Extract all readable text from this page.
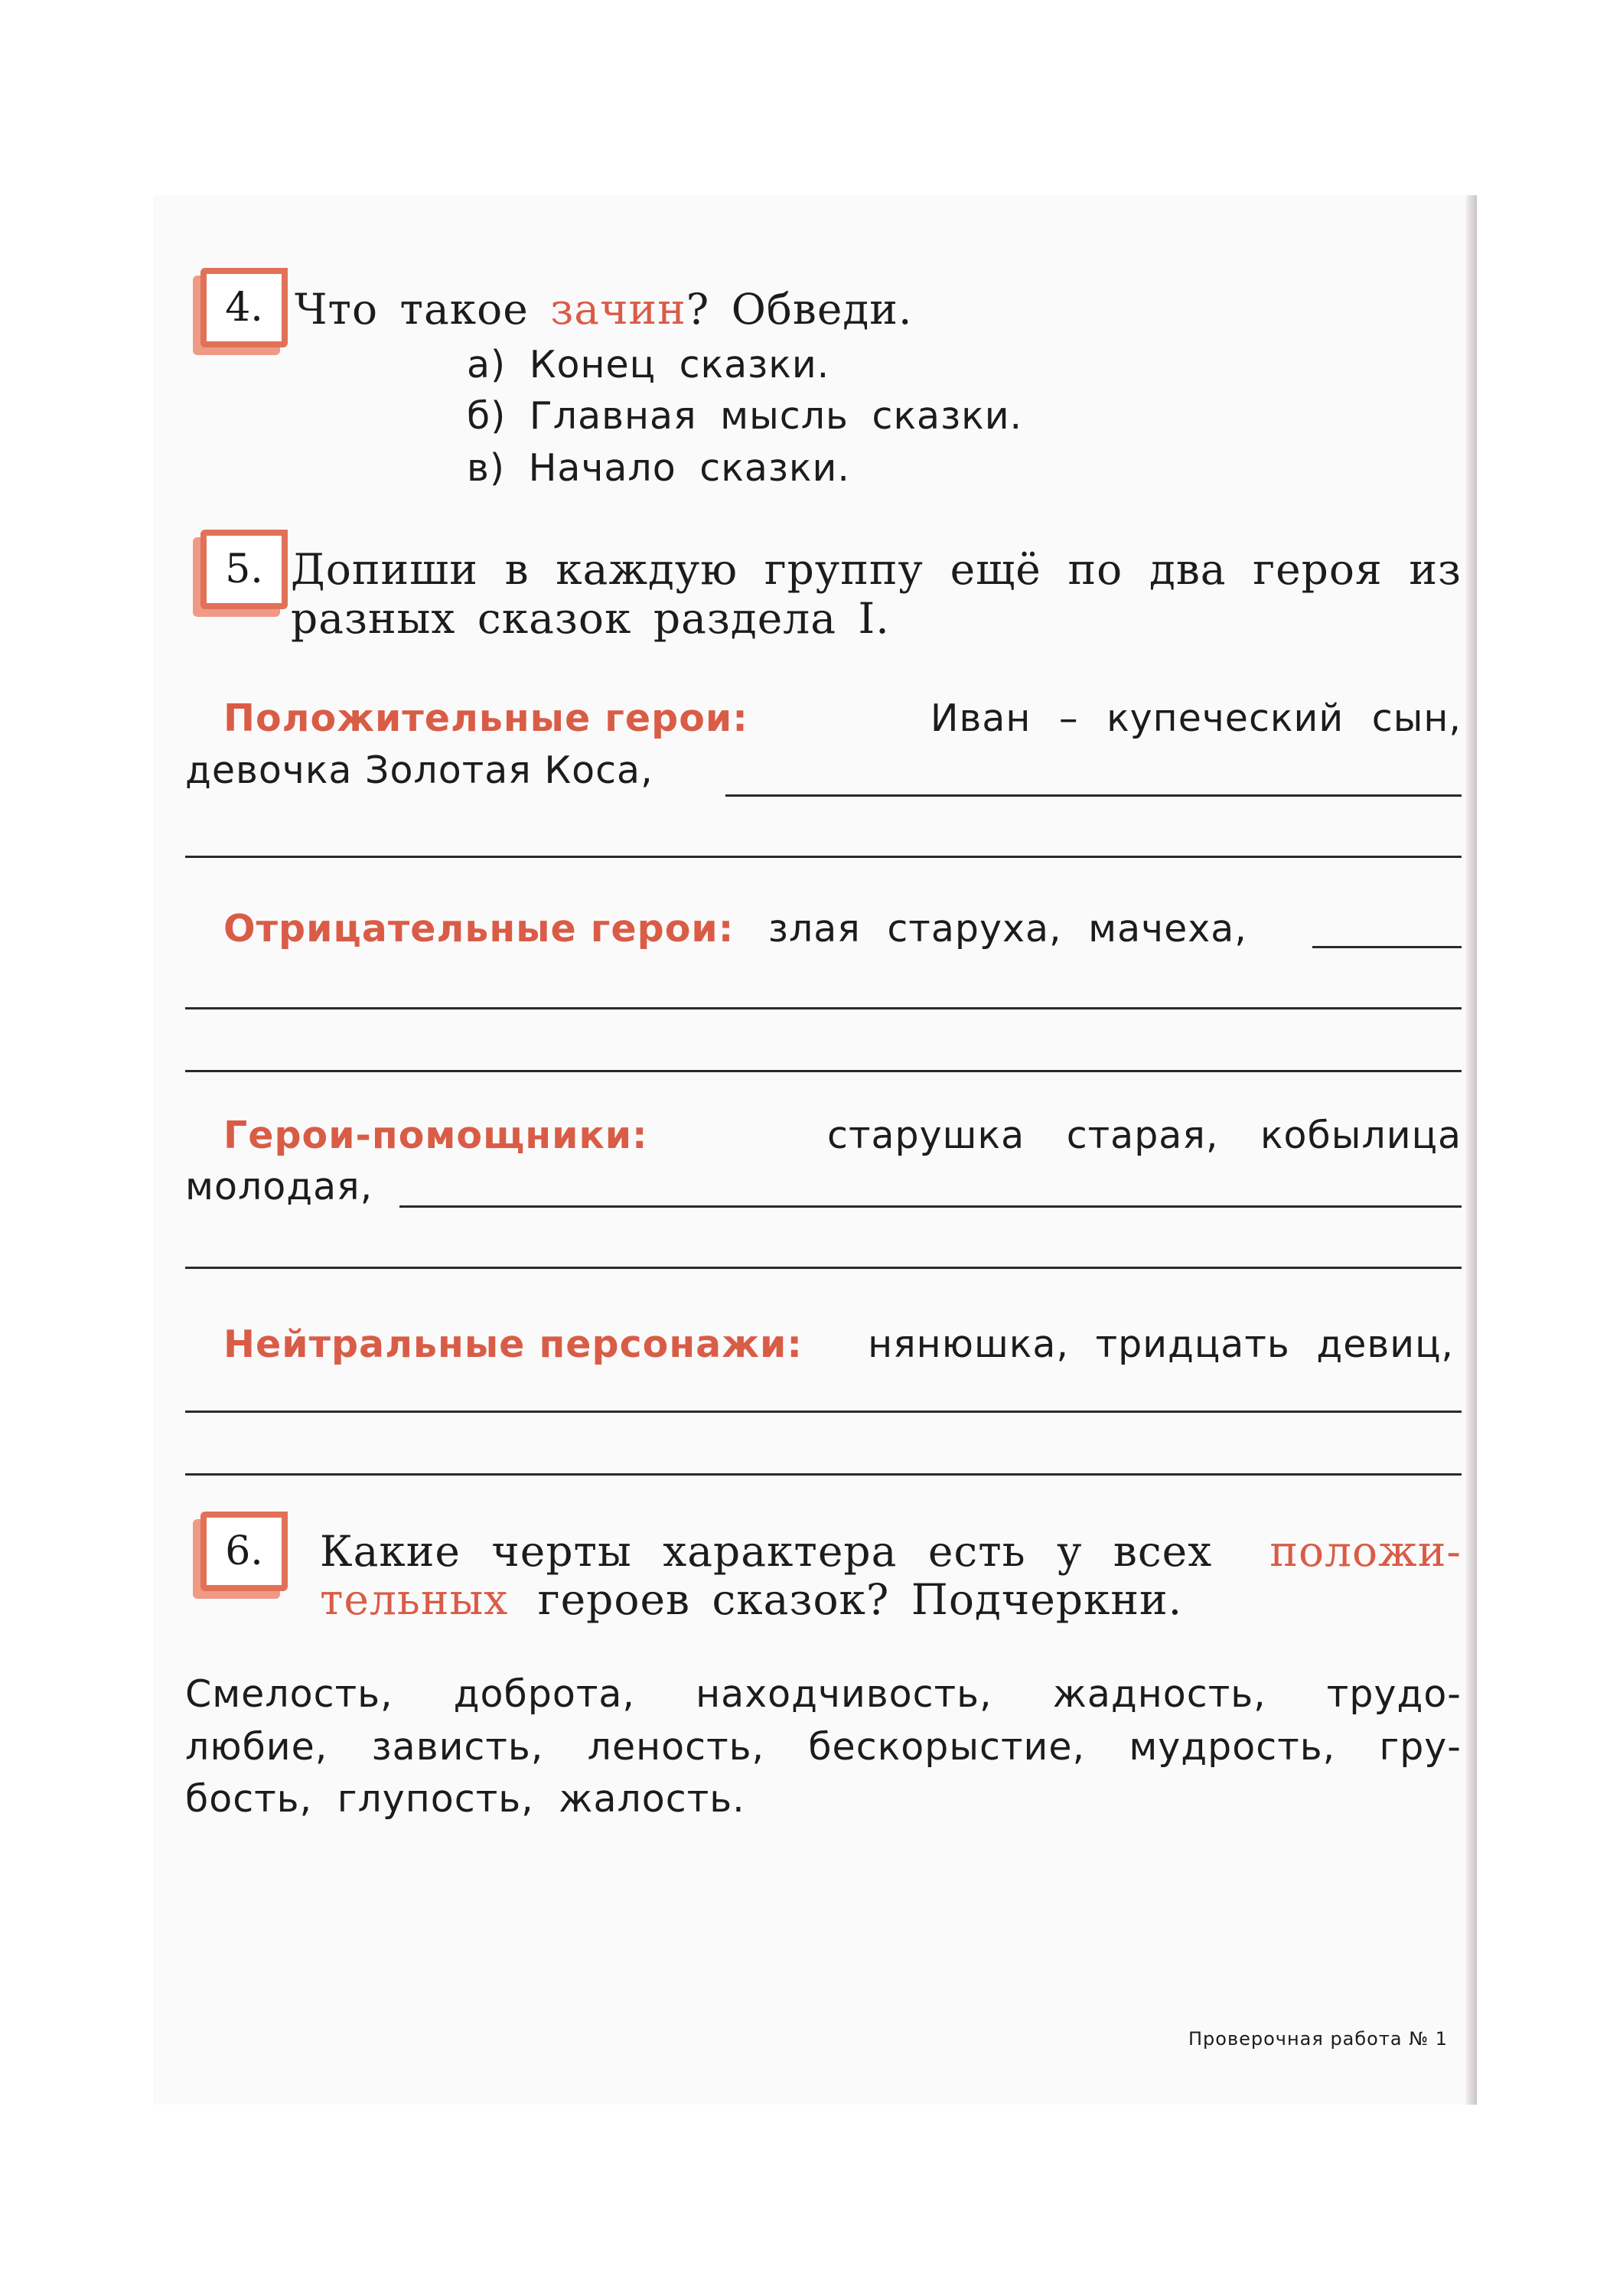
4. Что такое зачин? Обведи.
а) Конец сказки.
б) Главная мысль сказки.
в) Начало сказки.
5. Допиши в каждую группу ещё по два героя из
разных сказок раздела I.
Положительные герои:	Иван – купеческий сын,
девочка Золотая Коса,
Отрицательные герои: злая старуха, мачеха,
Герои-помощники:	старушка старая, кобылица
молодая,
Нейтральные персонажи: нянюшка, тридцать девиц,
6.	Какие черты характера есть у всех положи-
тельных героев сказок? Подчеркни.
Смелость, доброта, находчивость, жадность, трудо-
любие, зависть, леность, бескорыстие, мудрость, гру-
бость, глупость, жалость.
Проверочная работа № 1
